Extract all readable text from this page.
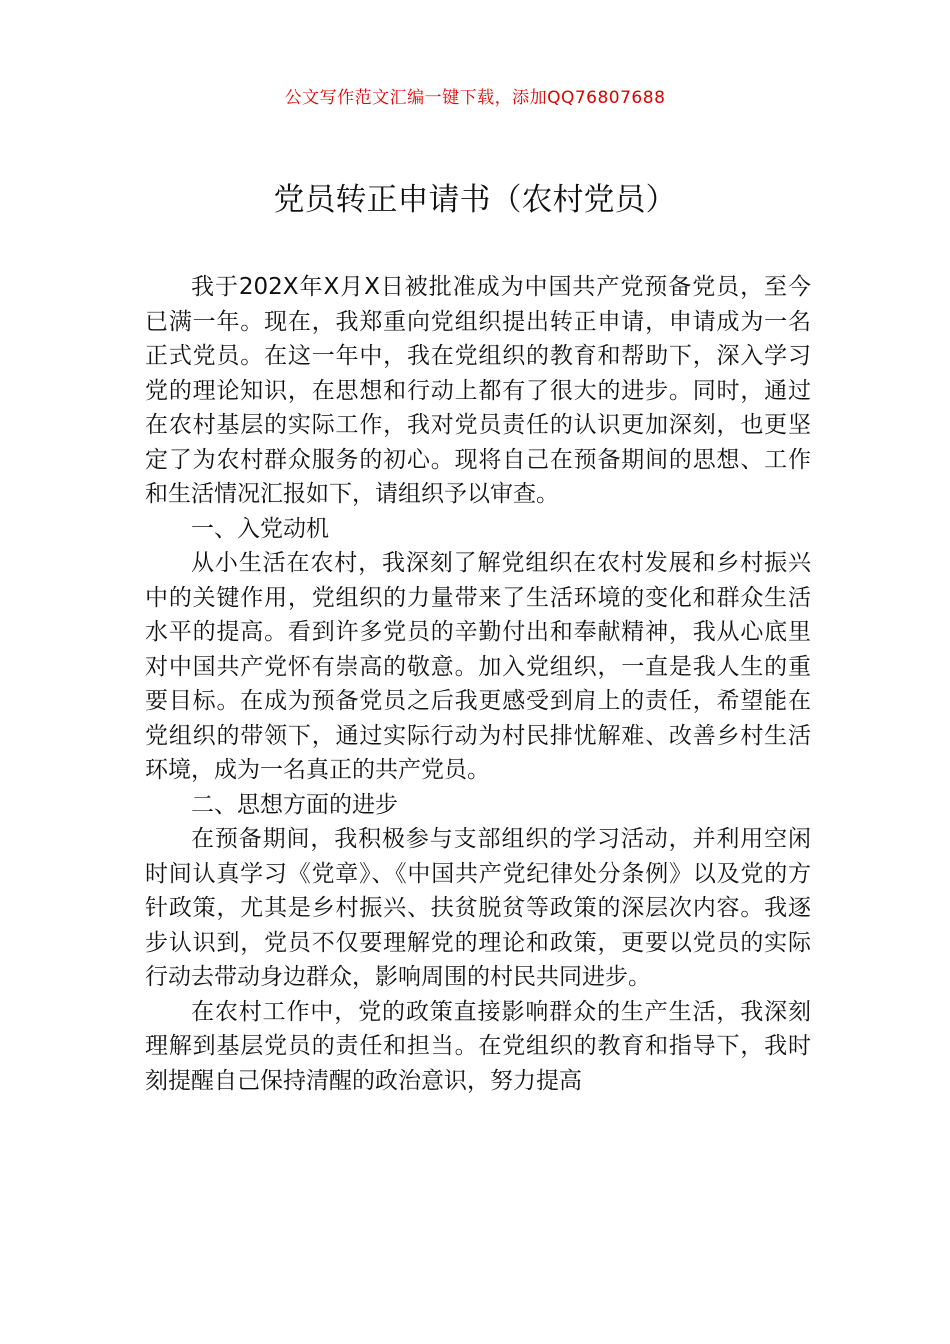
公文写作范文汇编一键下载，添加QQ76807688
党员转正申请书（农村党员）

我于202X年X月X日被批准成为中国共产党预备党员，至今已满一年。现在，我郑重向党组织提出转正申请，申请成为一名正式党员。在这一年中，我在党组织的教育和帮助下，深入学习党的理论知识，在思想和行动上都有了很大的进步。同时，通过在农村基层的实际工作，我对党员责任的认识更加深刻，也更坚定了为农村群众服务的初心。现将自己在预备期间的思想、工作和生活情况汇报如下，请组织予以审查。

一、入党动机

从小生活在农村，我深刻了解党组织在农村发展和乡村振兴中的关键作用，党组织的力量带来了生活环境的变化和群众生活水平的提高。看到许多党员的辛勤付出和奉献精神，我从心底里对中国共产党怀有崇高的敬意。加入党组织，一直是我人生的重要目标。在成为预备党员之后我更感受到肩上的责任，希望能在党组织的带领下，通过实际行动为村民排忧解难、改善乡村生活环境，成为一名真正的共产党员。

二、思想方面的进步

在预备期间，我积极参与支部组织的学习活动，并利用空闲时间认真学习《党章》、《中国共产党纪律处分条例》以及党的方针政策，尤其是乡村振兴、扶贫脱贫等政策的深层次内容。我逐步认识到，党员不仅要理解党的理论和政策，更要以党员的实际行动去带动身边群众，影响周围的村民共同进步。

在农村工作中，党的政策直接影响群众的生产生活，我深刻理解到基层党员的责任和担当。在党组织的教育和指导下，我时刻提醒自己保持清醒的政治意识，努力提高
